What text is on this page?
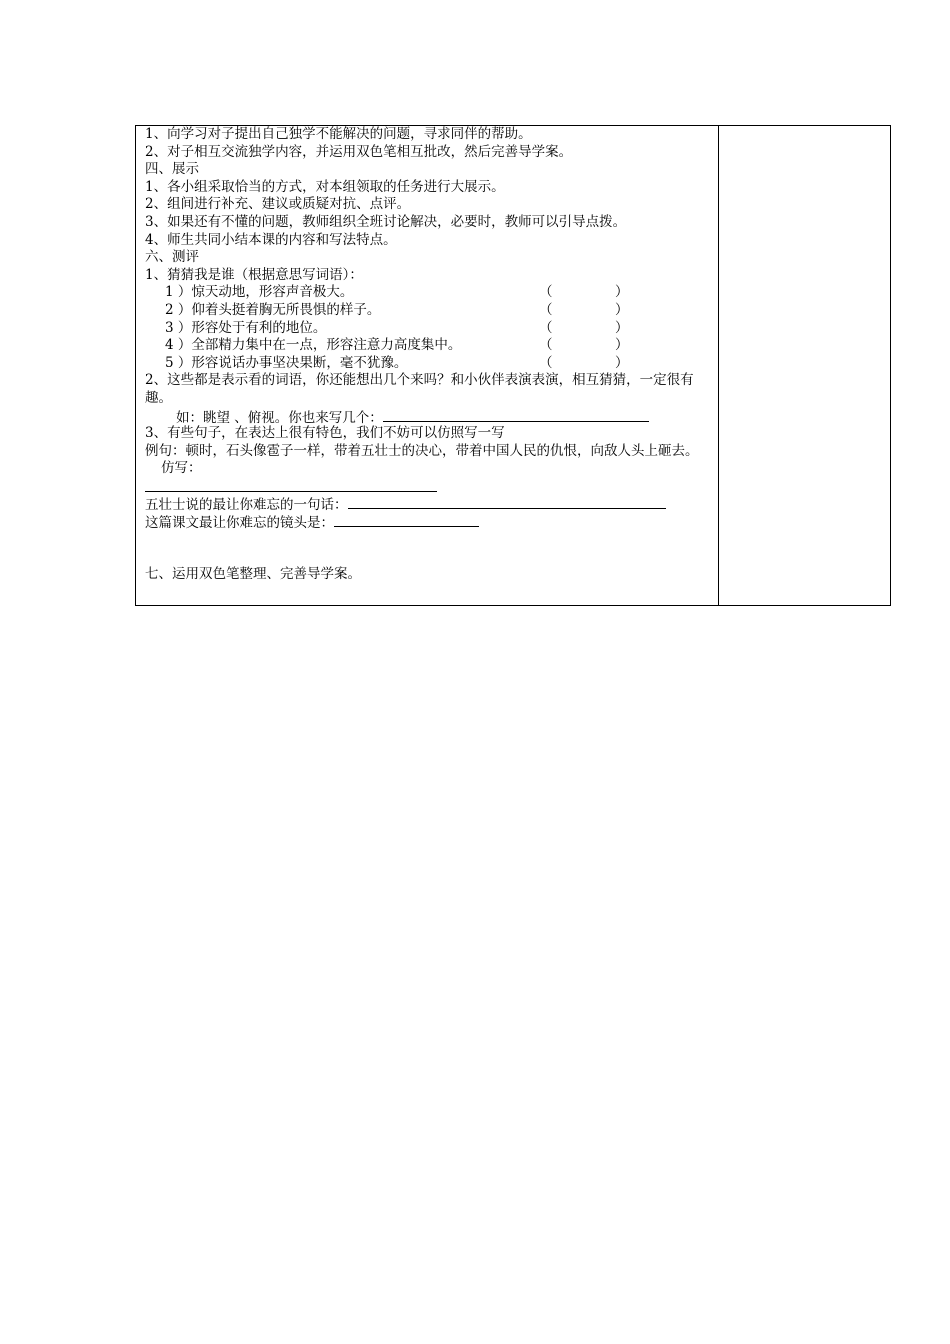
1、向学习对子提出自己独学不能解决的问题，寻求同伴的帮助。
2、对子相互交流独学内容，并运用双色笔相互批改，然后完善导学案。
四、展示
1、各小组采取恰当的方式，对本组领取的任务进行大展示。
2、组间进行补充、建议或质疑对抗、点评。
3、如果还有不懂的问题，教师组织全班讨论解决，必要时，教师可以引导点拨。
4、师生共同小结本课的内容和写法特点。
六、测评
1、猜猜我是谁（根据意思写词语）：
1 ）惊天动地，形容声音极大。	（	）
2 ）仰着头挺着胸无所畏惧的样子。	（	）
3 ）形容处于有利的地位。	（	）
4 ）全部精力集中在一点，形容注意力高度集中。	（	）
5 ）形容说话办事坚决果断，毫不犹豫。	（	）
2、这些都是表示看的词语，你还能想出几个来吗？和小伙伴表演表演，相互猜猜，一定很有趣。
如：眺望 、俯视。你也来写几个：
3、有些句子，在表达上很有特色，我们不妨可以仿照写一写
例句：顿时，石头像雹子一样，带着五壮士的决心，带着中国人民的仇恨，向敌人头上砸去。
仿写：
五壮士说的最让你难忘的一句话：
这篇课文最让你难忘的镜头是：
七、运用双色笔整理、完善导学案。
